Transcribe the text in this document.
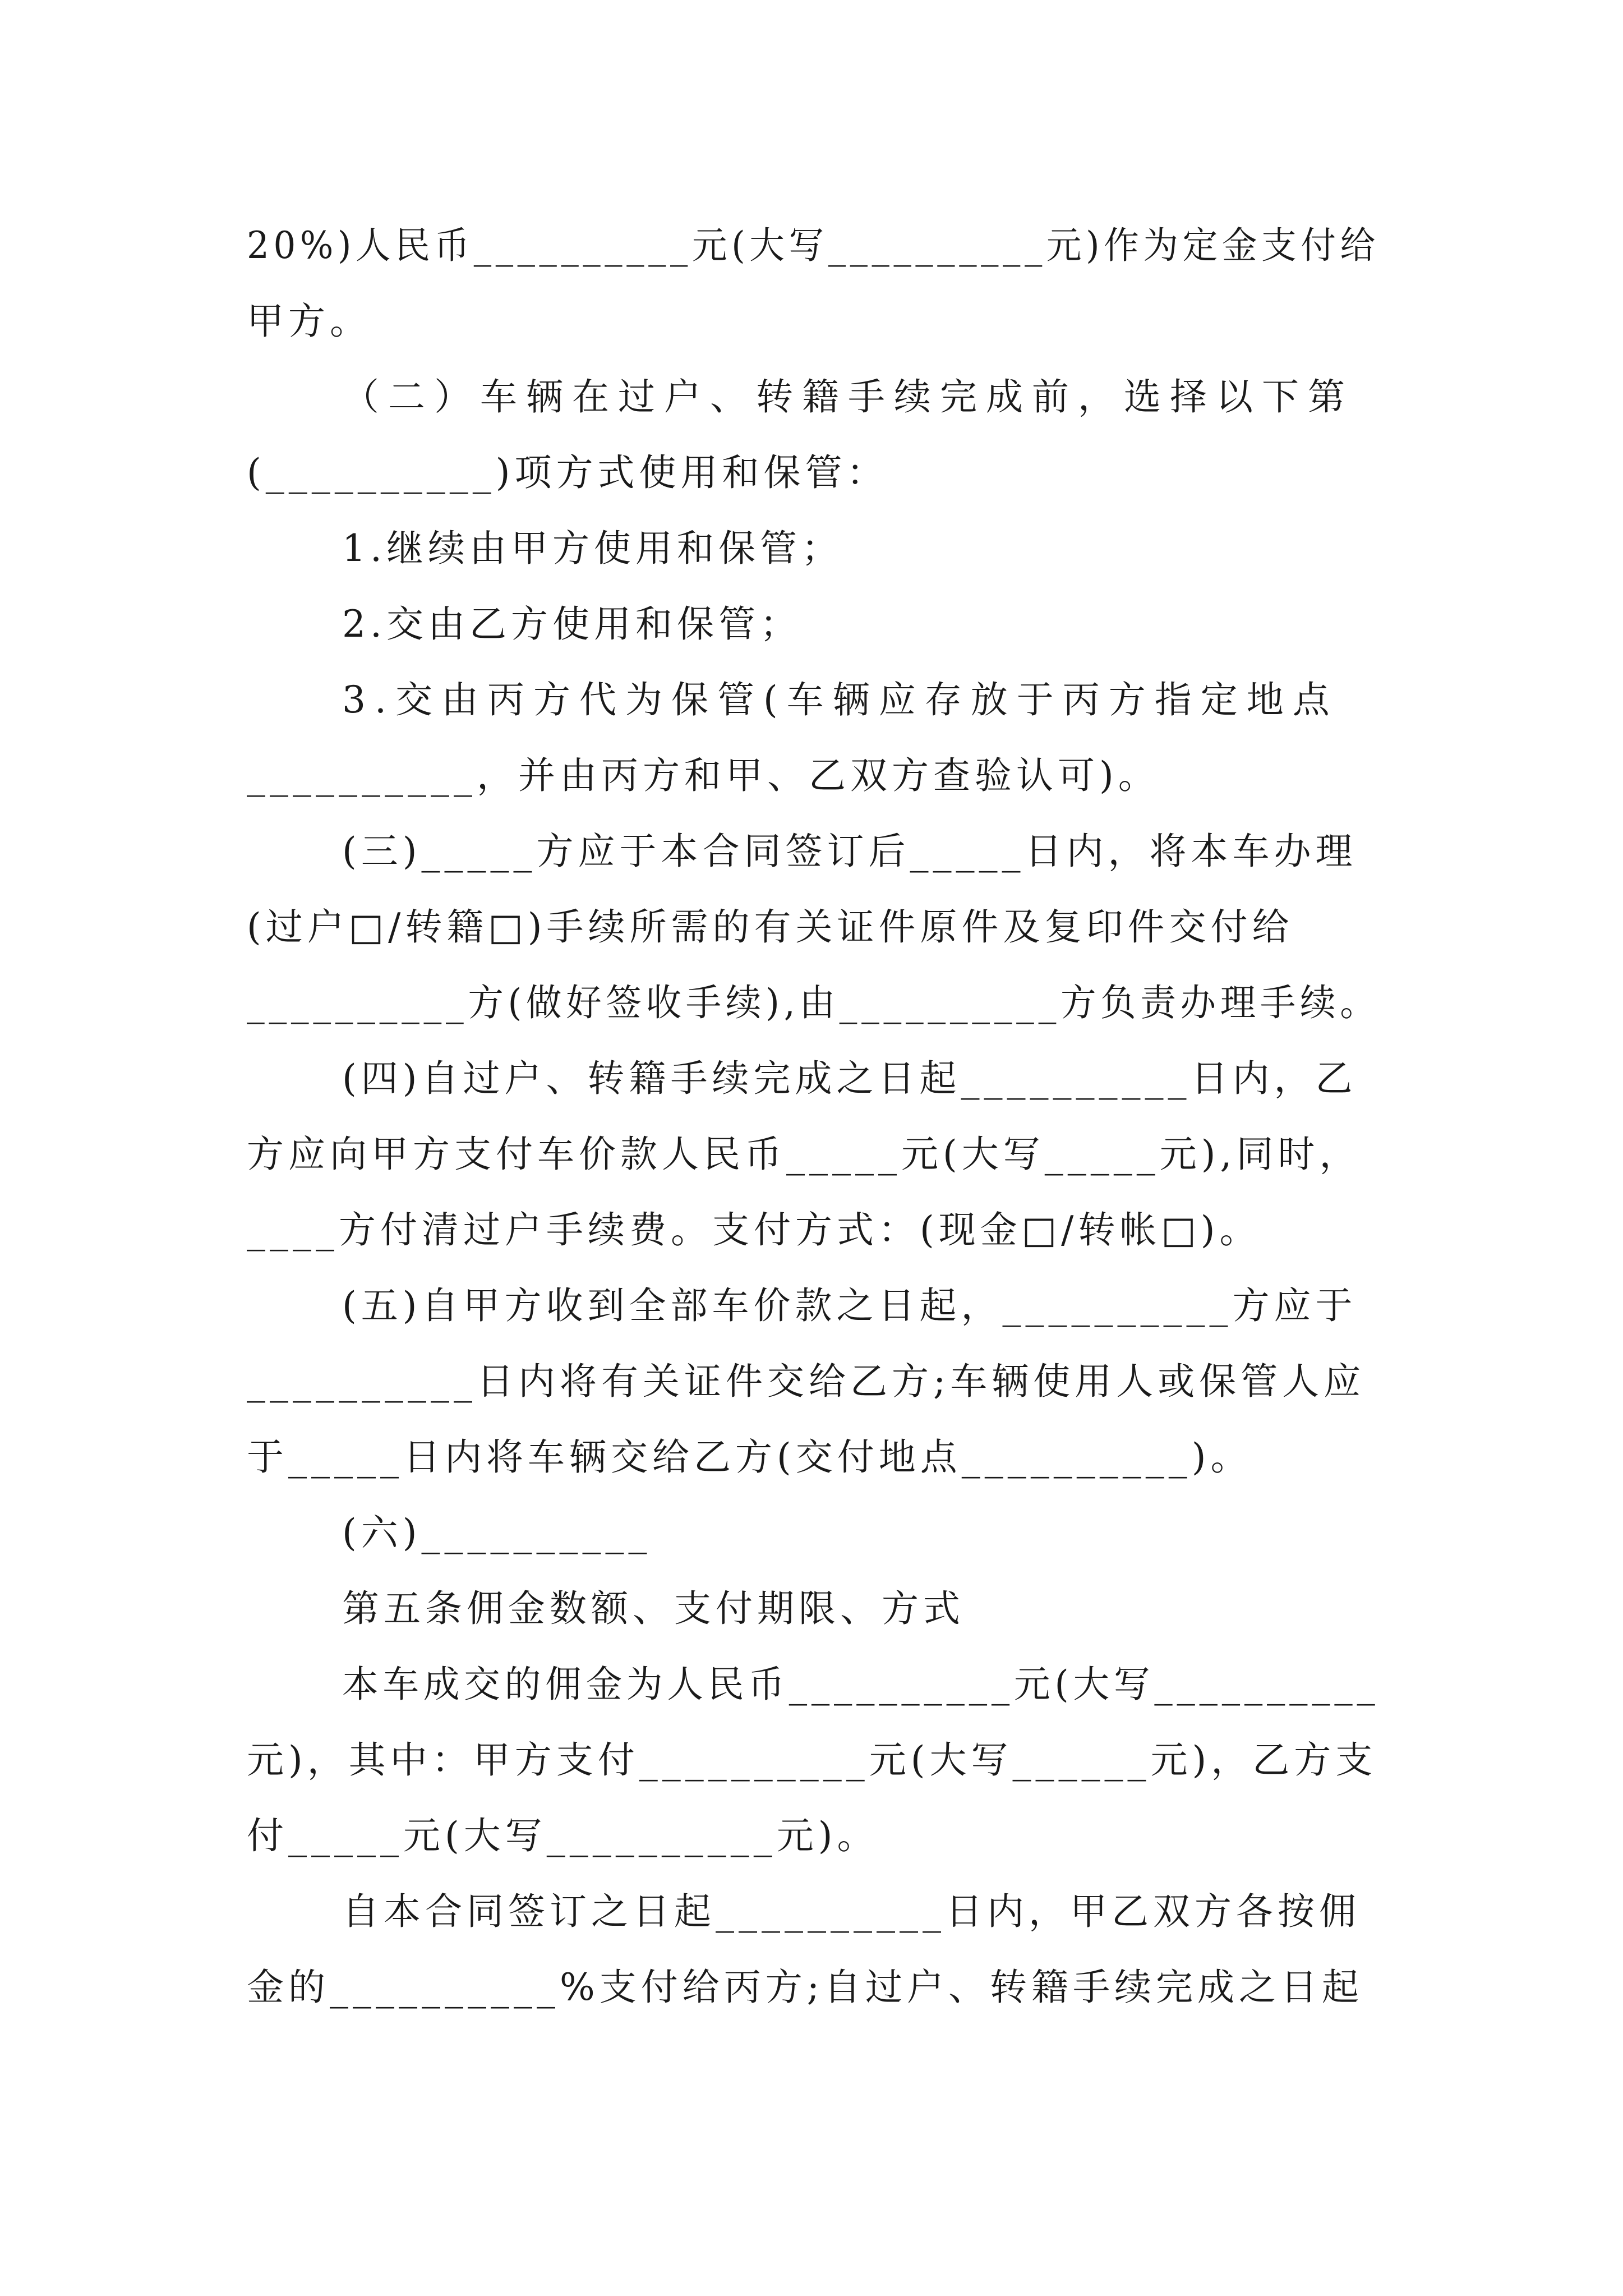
20%)人民币__________元(大写__________元)作为定金支付给
甲方。
（二）车辆在过户、转籍手续完成前，选择以下第
(__________)项方式使用和保管：
1.继续由甲方使用和保管；
2.交由乙方使用和保管；
3.交由丙方代为保管(车辆应存放于丙方指定地点
__________，并由丙方和甲、乙双方查验认可)。
(三)_____方应于本合同签订后_____日内，将本车办理
(过户□/转籍□)手续所需的有关证件原件及复印件交付给
__________方(做好签收手续),由__________方负责办理手续。
(四)自过户、转籍手续完成之日起__________日内，乙
方应向甲方支付车价款人民币_____元(大写_____元),同时，
____方付清过户手续费。支付方式：(现金□/转帐□)。
(五)自甲方收到全部车价款之日起，__________方应于
__________日内将有关证件交给乙方;车辆使用人或保管人应
于_____日内将车辆交给乙方(交付地点__________)。
(六)__________
第五条佣金数额、支付期限、方式
本车成交的佣金为人民币__________元(大写__________
元)，其中：甲方支付__________元(大写______元)，乙方支
付_____元(大写__________元)。
自本合同签订之日起__________日内，甲乙双方各按佣
金的__________%支付给丙方;自过户、转籍手续完成之日起
